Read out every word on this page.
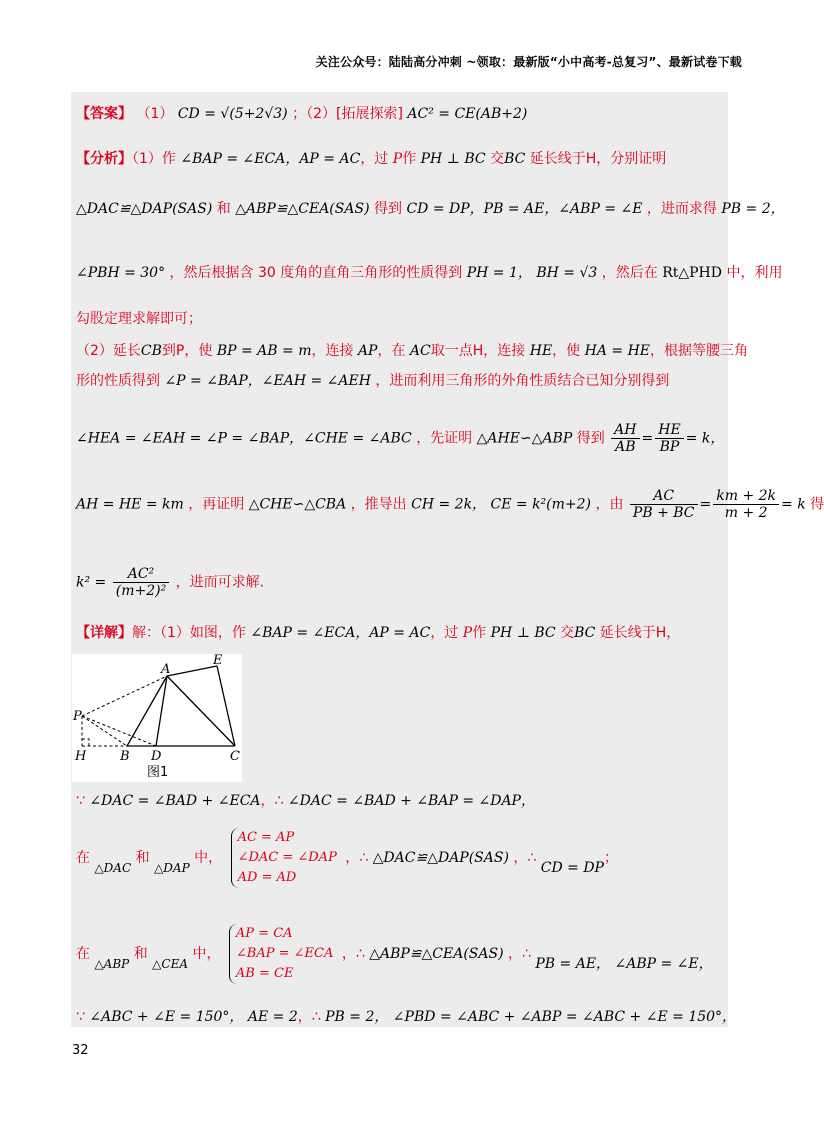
关注公众号：陆陆高分冲刺 ~领取：最新版“小中高考-总复习”、最新试卷下载
【答案】 （1） CD = √(5+2√3) ；（2）[拓展探索] AC² = CE(AB+2)
【分析】（1）作 ∠BAP = ∠ECA，AP = AC，过 P作 PH ⊥ BC 交BC 延长线于H，分别证明
△DAC≌△DAP(SAS) 和 △ABP≌△CEA(SAS) 得到 CD = DP，PB = AE，∠ABP = ∠E ，进而求得 PB = 2，
∠PBH = 30° ，然后根据含 30 度角的直角三角形的性质得到 PH = 1， BH = √3 ，然后在 Rt△PHD 中，利用
勾股定理求解即可；
（2）延长CB到P，使 BP = AB = m，连接 AP，在 AC取一点H，连接 HE，使 HA = HE，根据等腰三角
形的性质得到 ∠P = ∠BAP，∠EAH = ∠AEH ，进而利用三角形的外角性质结合已知分别得到
∠HEA = ∠EAH = ∠P = ∠BAP，∠CHE = ∠ABC ，先证明 △AHE∽△ABP 得到 $\frac{AH}{AB} = \frac{HE}{BP} = k$，
AH = HE = km ，再证明 △CHE∽△CBA ，推导出 CH = 2k， CE = k²(m+2) ，由 $\frac{AC}{PB + BC} = \frac{km + 2k}{m + 2} = k$ 得
$k^2 = \frac{\text{AC²}}{\text{(m+2)²}}$ ，进而可求解.
【详解】解：（1）如图，作 ∠BAP = ∠ECA，AP = AC，过 P作 PH ⊥ BC 交BC 延长线于H，
A
E
P
H	B D	C
图1
∵ ∠DAC = ∠BAD + ∠ECA，∴ ∠DAC = ∠BAD + ∠BAP = ∠DAP，
在 △DAC 和 △DAP 中，
AC = AP
∠DAC = ∠DAP
AD = AD
，∴ △DAC≌△DAP(SAS) ，∴ CD = DP；
在 △ABP 和 △CEA 中，
AP = CA
∠BAP = ∠ECA
AB = CE
，∴ △ABP≌△CEA(SAS) ，∴ PB = AE， ∠ABP = ∠E，
∵ ∠ABC + ∠E = 150°， AE = 2，∴ PB = 2， ∠PBD = ∠ABC + ∠ABP = ∠ABC + ∠E = 150°，
32
